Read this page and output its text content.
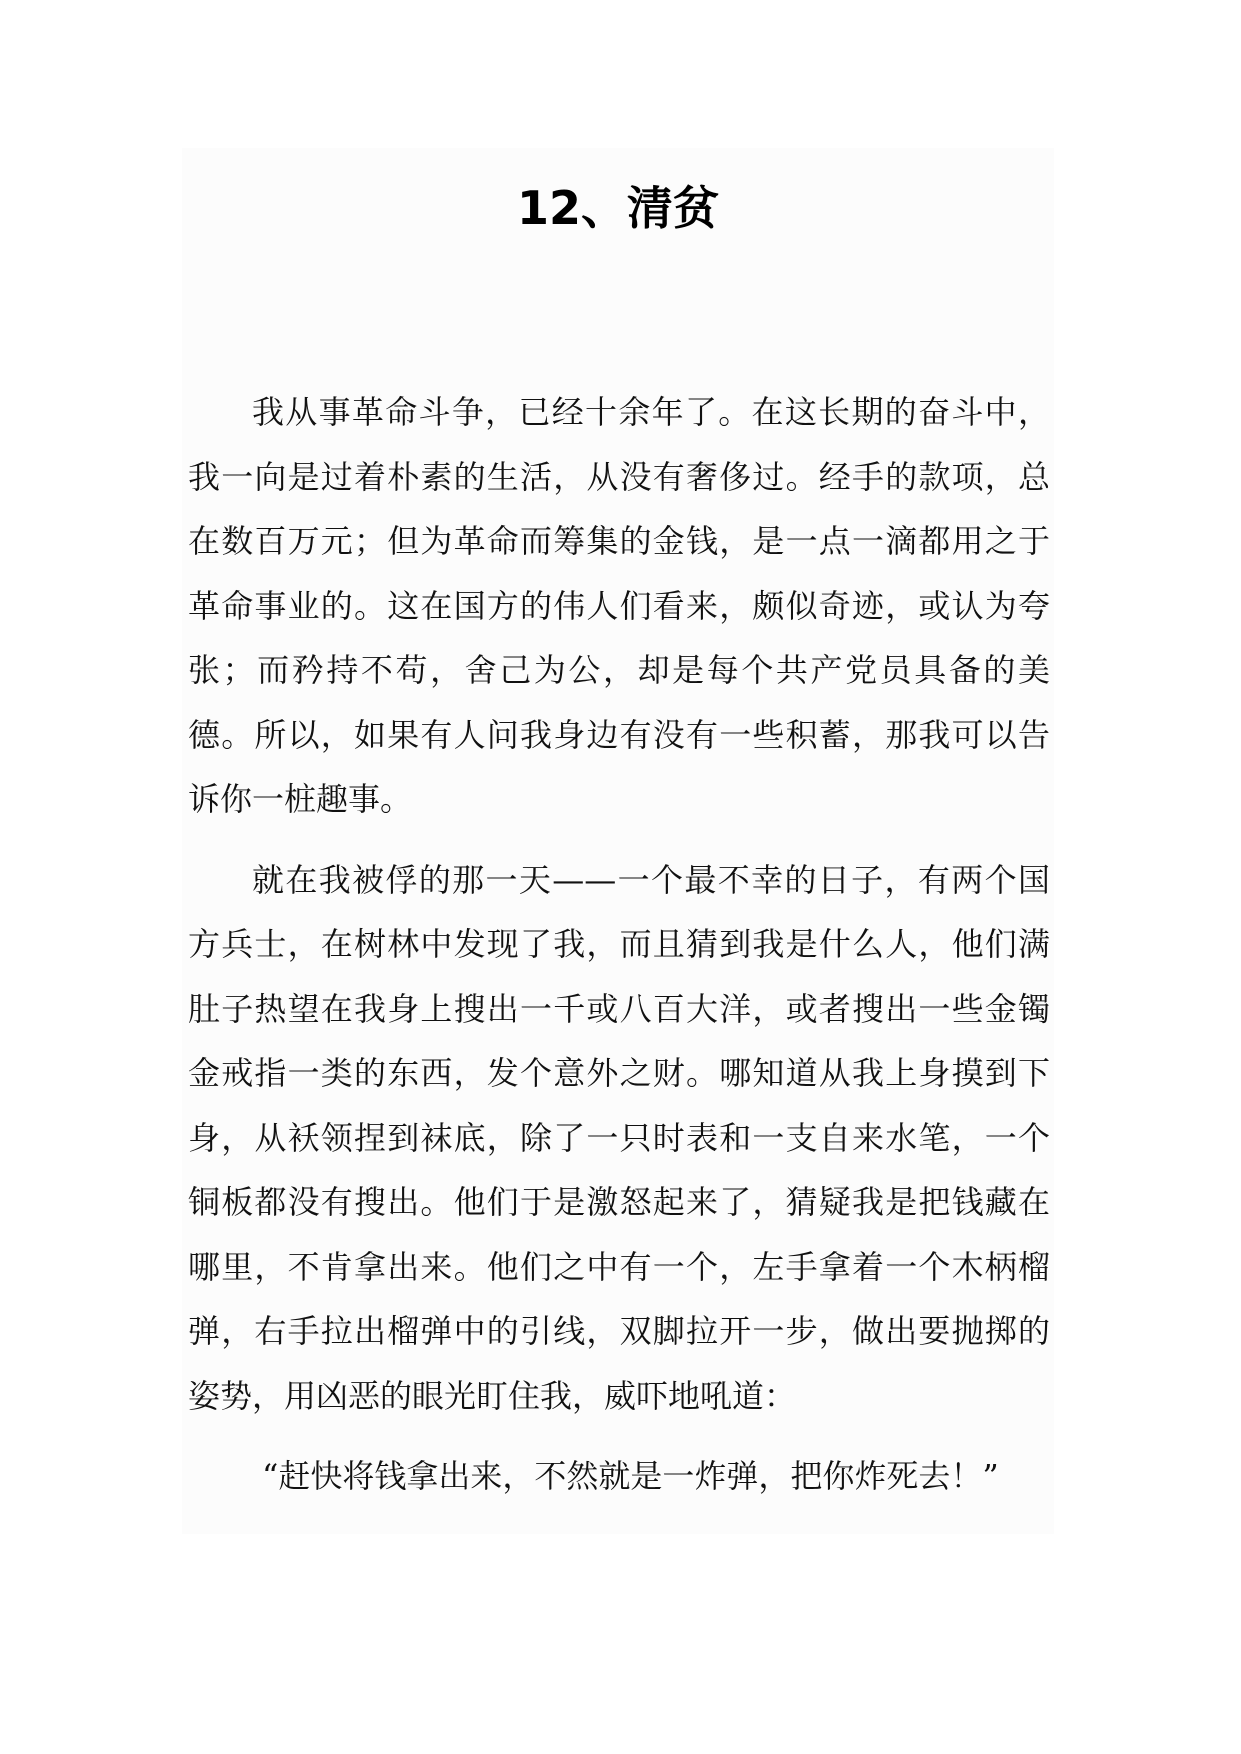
12、清贫

我从事革命斗争，已经十余年了。在这长期的奋斗中，我一向是过着朴素的生活，从没有奢侈过。经手的款项，总在数百万元；但为革命而筹集的金钱，是一点一滴都用之于革命事业的。这在国方的伟人们看来，颇似奇迹，或认为夸张；而矜持不苟，舍己为公，却是每个共产党员具备的美德。所以，如果有人问我身边有没有一些积蓄，那我可以告诉你一桩趣事。

就在我被俘的那一天——一个最不幸的日子，有两个国方兵士，在树林中发现了我，而且猜到我是什么人，他们满肚子热望在我身上搜出一千或八百大洋，或者搜出一些金镯金戒指一类的东西，发个意外之财。哪知道从我上身摸到下身，从袄领捏到袜底，除了一只时表和一支自来水笔，一个铜板都没有搜出。他们于是激怒起来了，猜疑我是把钱藏在哪里，不肯拿出来。他们之中有一个，左手拿着一个木柄榴弹，右手拉出榴弹中的引线，双脚拉开一步，做出要抛掷的姿势，用凶恶的眼光盯住我，威吓地吼道：

“赶快将钱拿出来，不然就是一炸弹，把你炸死去！”
